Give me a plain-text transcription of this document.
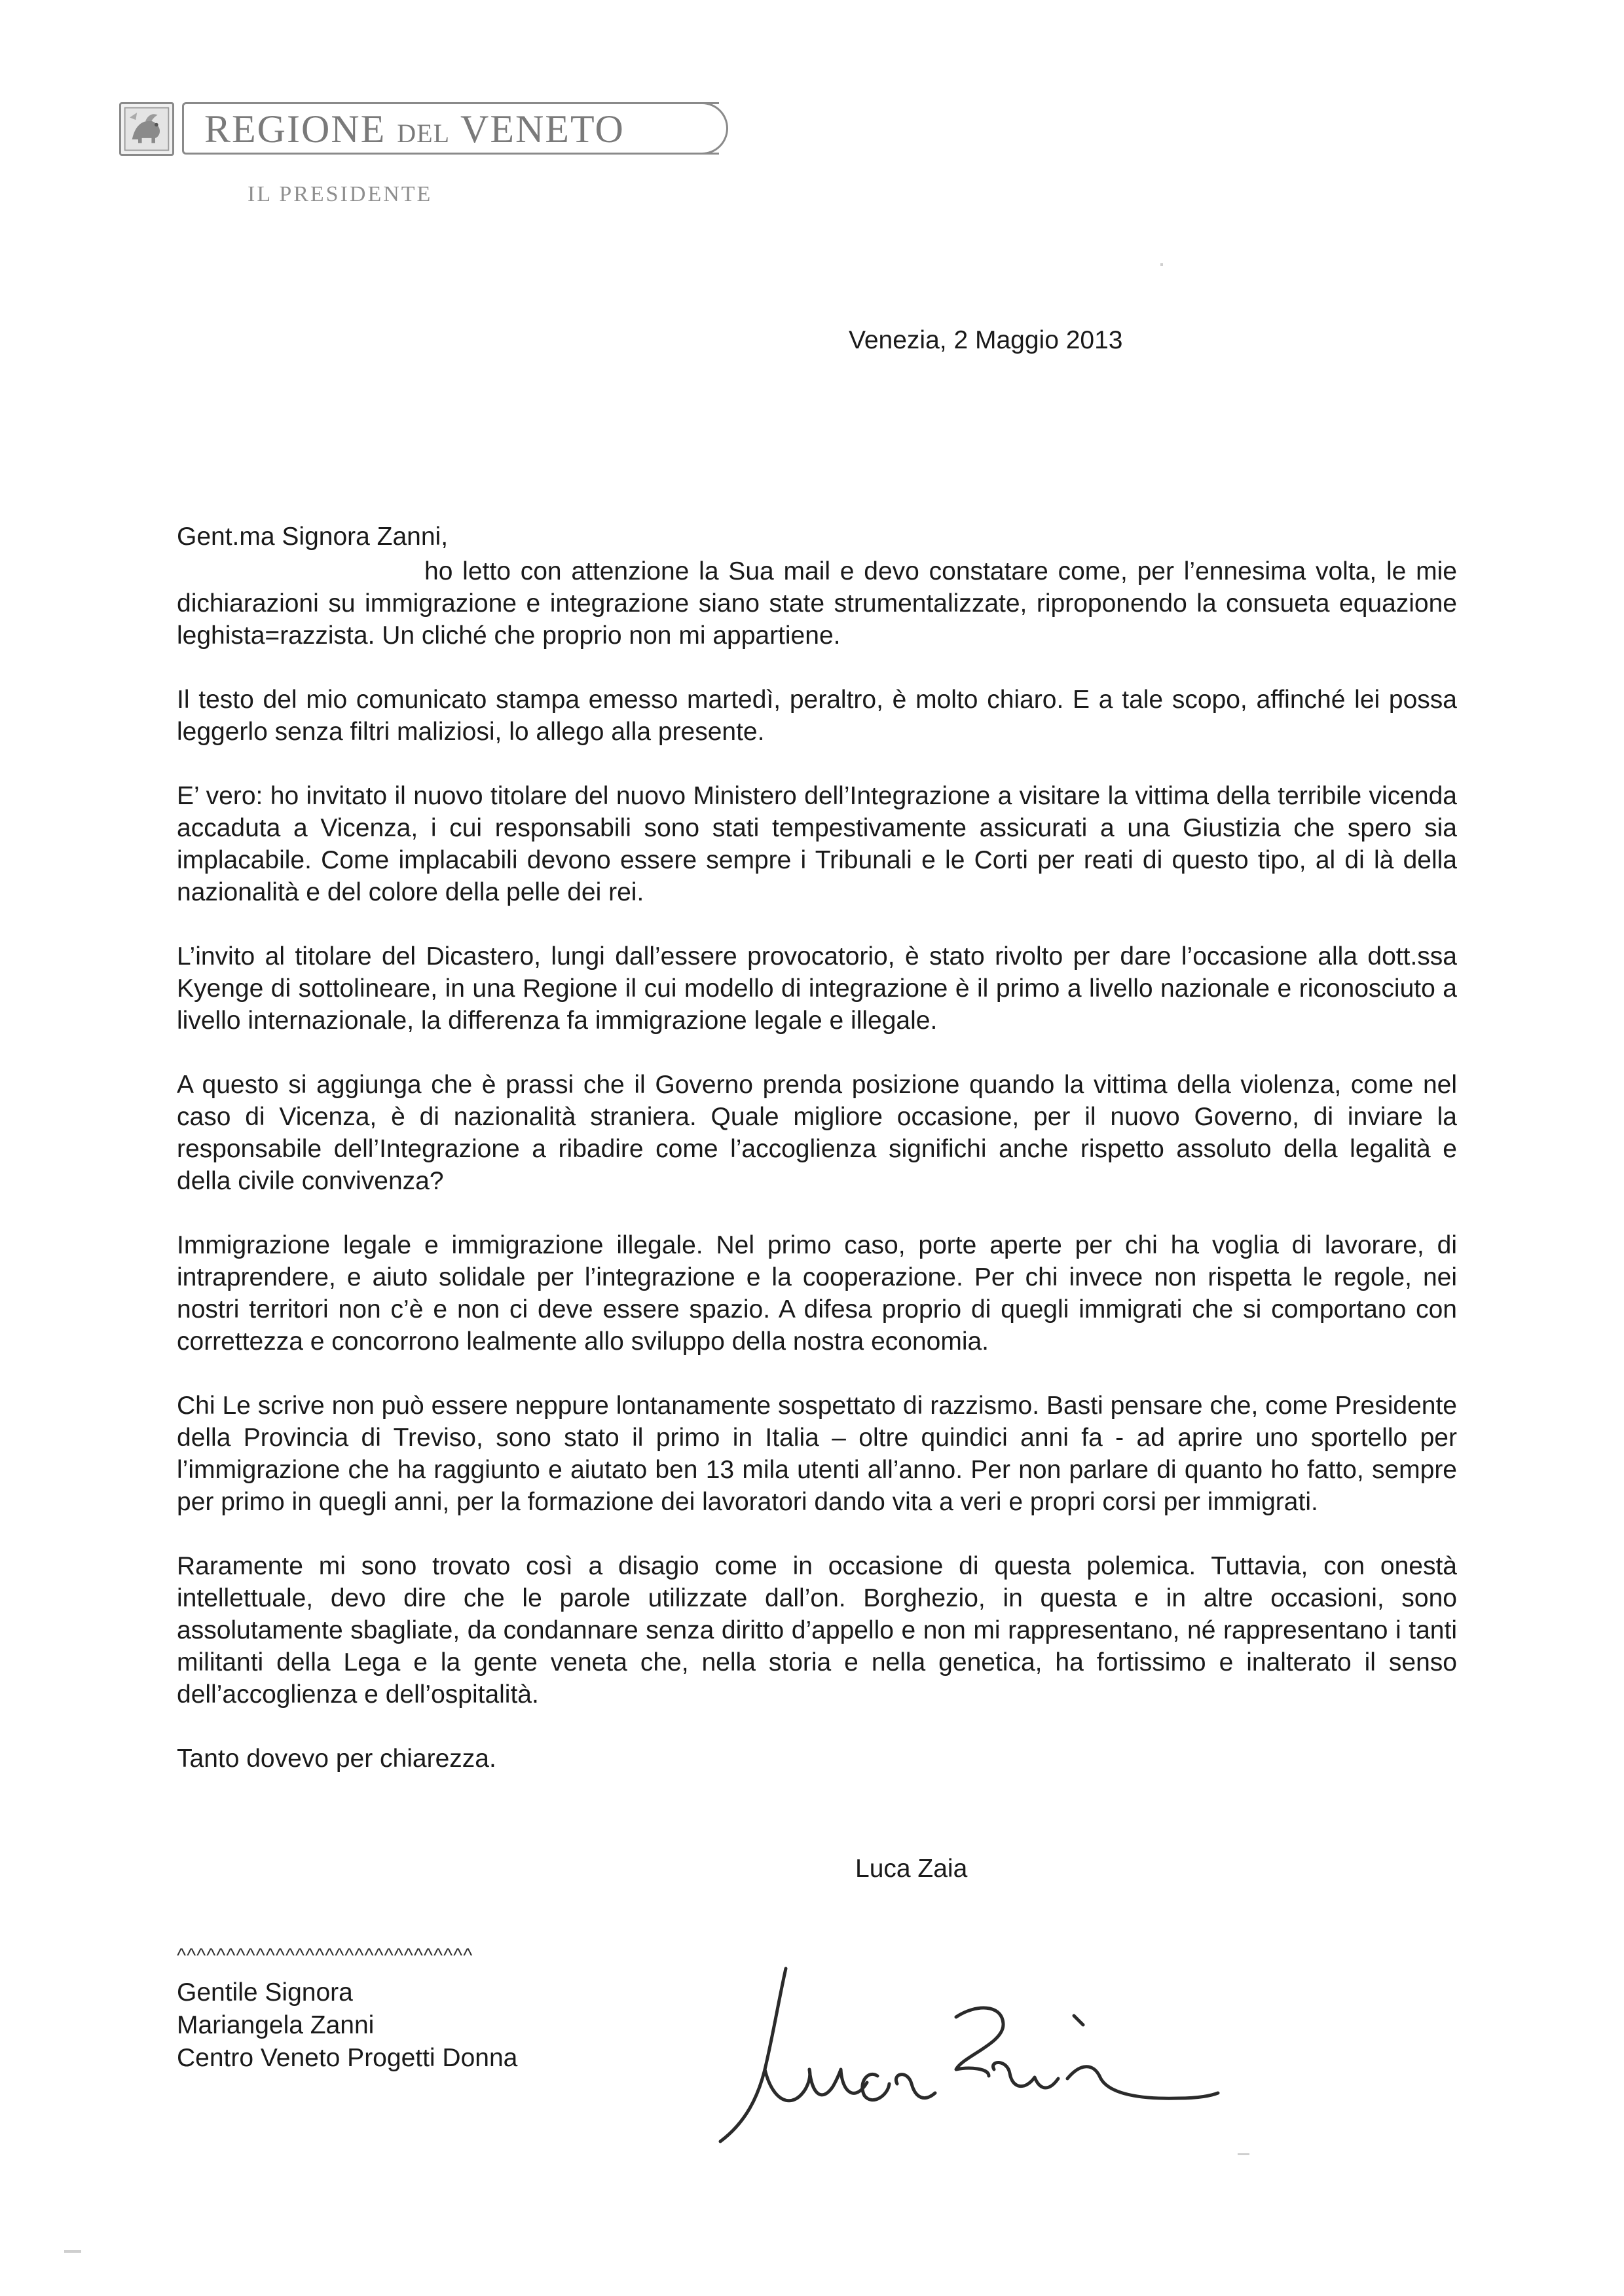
REGIONE DEL VENETO
IL PRESIDENTE
Venezia, 2 Maggio 2013
Gent.ma Signora Zanni,

ho letto con attenzione la Sua mail e devo constatare come, per l’ennesima volta, le mie dichiarazioni su immigrazione e integrazione siano state strumentalizzate, riproponendo la consueta equazione leghista=razzista. Un cliché che proprio non mi appartiene.

Il testo del mio comunicato stampa emesso martedì, peraltro, è molto chiaro. E a tale scopo, affinché lei possa leggerlo senza filtri maliziosi, lo allego alla presente.

E’ vero: ho invitato il nuovo titolare del nuovo Ministero dell’Integrazione a visitare la vittima della terribile vicenda accaduta a Vicenza, i cui responsabili sono stati tempestivamente assicurati a una Giustizia che spero sia implacabile. Come implacabili devono essere sempre i Tribunali e le Corti per reati di questo tipo, al di là della nazionalità e del colore della pelle dei rei.

L’invito al titolare del Dicastero, lungi dall’essere provocatorio, è stato rivolto per dare l’occasione alla dott.ssa Kyenge di sottolineare, in una Regione il cui modello di integrazione è il primo a livello nazionale e riconosciuto a livello internazionale, la differenza fa immigrazione legale e illegale.

A questo si aggiunga che è prassi che il Governo prenda posizione quando la vittima della violenza, come nel caso di Vicenza, è di nazionalità straniera. Quale migliore occasione, per il nuovo Governo, di inviare la responsabile dell’Integrazione a ribadire come l’accoglienza significhi anche rispetto assoluto della legalità e della civile convivenza?

Immigrazione legale e immigrazione illegale. Nel primo caso, porte aperte per chi ha voglia di lavorare, di intraprendere, e aiuto solidale per l’integrazione e la cooperazione. Per chi invece non rispetta le regole, nei nostri territori non c’è e non ci deve essere spazio. A difesa proprio di quegli immigrati che si comportano con correttezza e concorrono lealmente allo sviluppo della nostra economia.

Chi Le scrive non può essere neppure lontanamente sospettato di razzismo. Basti pensare che, come Presidente della Provincia di Treviso, sono stato il primo in Italia – oltre quindici anni fa - ad aprire uno sportello per l’immigrazione che ha raggiunto e aiutato ben 13 mila utenti all’anno. Per non parlare di quanto ho fatto, sempre per primo in quegli anni, per la formazione dei lavoratori dando vita a veri e propri corsi per immigrati.

Raramente mi sono trovato così a disagio come in occasione di questa polemica. Tuttavia, con onestà intellettuale, devo dire che le parole utilizzate dall’on. Borghezio, in questa e in altre occasioni, sono assolutamente sbagliate, da condannare senza diritto d’appello e non mi rappresentano, né rappresentano i tanti militanti della Lega e la gente veneta che, nella storia e nella genetica, ha fortissimo e inalterato il senso dell’accoglienza e dell’ospitalità.

Tanto dovevo per chiarezza.

Luca Zaia
^^^^^^^^^^^^^^^^^^^^^^^^^^^^^^
Gentile Signora
Mariangela Zanni
Centro Veneto Progetti Donna
